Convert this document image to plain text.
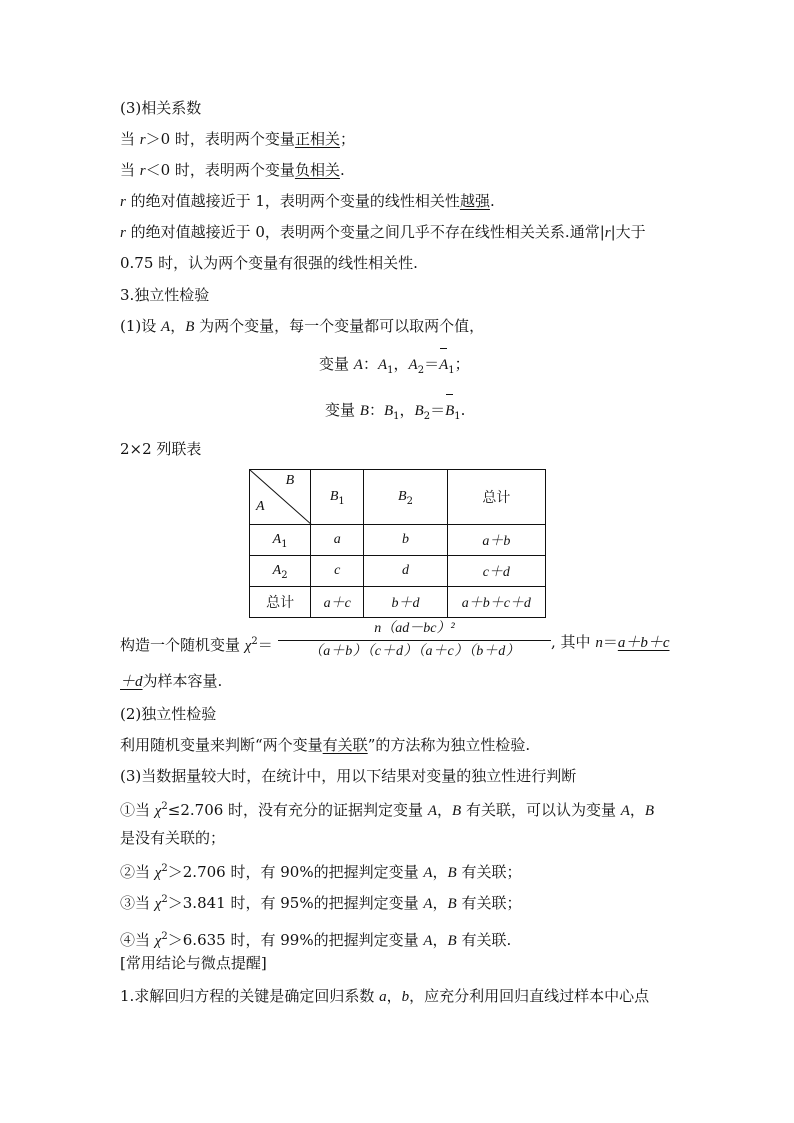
(3)相关系数
当 r＞0 时，表明两个变量正相关；
当 r＜0 时，表明两个变量负相关.
r 的绝对值越接近于 1，表明两个变量的线性相关性越强.
r 的绝对值越接近于 0，表明两个变量之间几乎不存在线性相关关系.通常|r|大于
0.75 时，认为两个变量有很强的线性相关性.
3.独立性检验
(1)设 A，B 为两个变量，每一个变量都可以取两个值，
变量 A：$A_1$，$A_2=A_1$；
变量 B：$B_1$，$B_2=B_1$.
2×2 列联表
B
A	$B_1$	$B_2$	总计
$A_1$	a	b	a＋b
$A_2$	c	d	c＋d
总计	a＋c	b＋d	a＋b＋c＋d
构造一个随机变量 $\chi^2=$
n（ad－bc）²
（a＋b）（c＋d）（a＋c）（b＋d）
, 其中 n＝a＋b＋c
＋d为样本容量.
(2)独立性检验
利用随机变量来判断“两个变量有关联”的方法称为独立性检验.
(3)当数据量较大时，在统计中，用以下结果对变量的独立性进行判断
①当 $\chi^2\le 2.706$ 时，没有充分的证据判定变量 A，B 有关联，可以认为变量 A，B
是没有关联的；
②当 $\chi^2>2.706$ 时，有 90%的把握判定变量 A，B 有关联；
③当 $\chi^2>3.841$ 时，有 95%的把握判定变量 A，B 有关联；
④当 $\chi^2>6.635$ 时，有 99%的把握判定变量 A，B 有关联.
[常用结论与微点提醒]
1.求解回归方程的关键是确定回归系数 a，b，应充分利用回归直线过样本中心点
